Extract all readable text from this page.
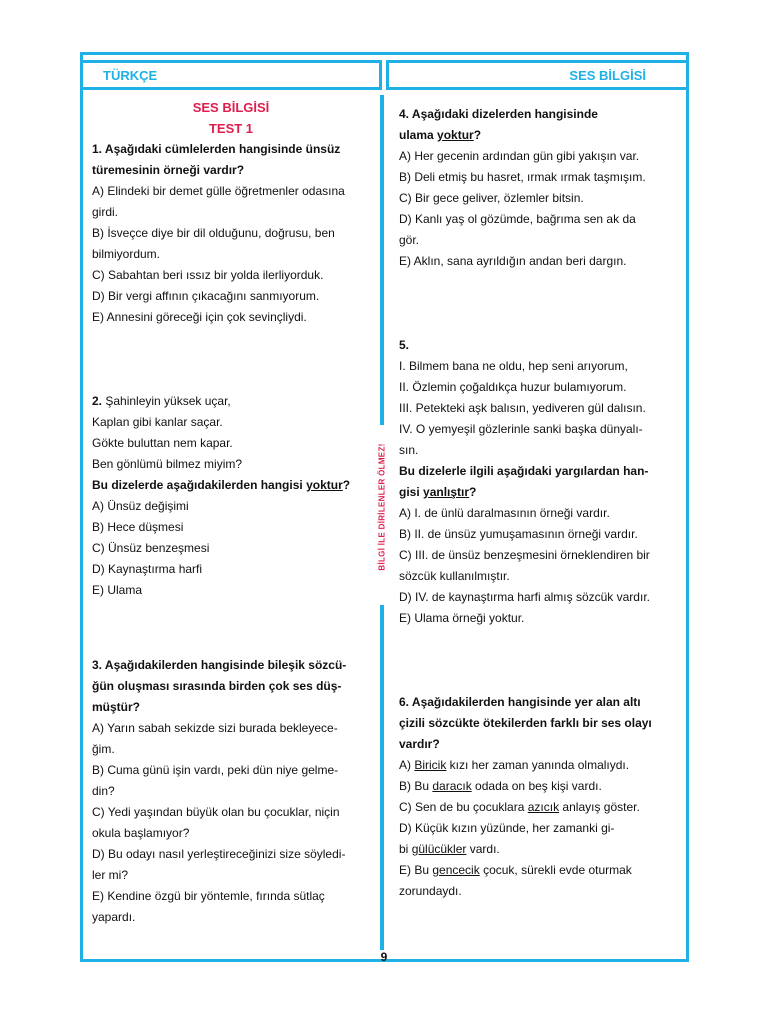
TÜRKÇE	SES BİLGİSİ
BİLGİ İLE DİRİLENLER ÖLMEZ!

SES BİLGİSİ

TEST 1

1. Aşağıdaki cümlelerden hangisinde ünsüz

türemesinin örneği vardır?

A) Elindeki bir demet gülle öğretmenler odasına

girdi.

B) İsveçce diye bir dil olduğunu, doğrusu, ben

bilmiyordum.

C) Sabahtan beri ıssız bir yolda ilerliyorduk.

D) Bir vergi affının çıkacağını sanmıyorum.

E) Annesini göreceği için çok sevinçliydi.

2. Şahinleyin yüksek uçar,

Kaplan gibi kanlar saçar.

Gökte buluttan nem kapar.

Ben gönlümü bilmez miyim?

Bu dizelerde aşağıdakilerden hangisi yoktur?

A) Ünsüz değişimi

B) Hece düşmesi

C) Ünsüz benzeşmesi

D) Kaynaştırma harfi

E) Ulama

3. Aşağıdakilerden hangisinde bileşik sözcü-

ğün oluşması sırasında birden çok ses düş-

müştür?

A) Yarın sabah sekizde sizi burada bekleyece-

ğim.

B) Cuma günü işin vardı, peki dün niye gelme-

din?

C) Yedi yaşından büyük olan bu çocuklar, niçin

okula başlamıyor?

D) Bu odayı nasıl yerleştireceğinizi size söyledi-

ler mi?

E) Kendine özgü bir yöntemle, fırında sütlaç

yapardı.

4. Aşağıdaki dizelerden hangisinde

ulama yoktur?

A) Her gecenin ardından gün gibi yakışın var.

B) Deli etmiş bu hasret, ırmak ırmak taşmışım.

C) Bir gece geliver, özlemler bitsin.

D) Kanlı yaş ol gözümde, bağrıma sen ak da

gör.

E) Aklın, sana ayrıldığın andan beri dargın.

5.

I. Bilmem bana ne oldu, hep seni arıyorum,

II. Özlemin çoğaldıkça huzur bulamıyorum.

III. Petekteki aşk balısın, yediveren gül dalısın.

IV. O yemyeşil gözlerinle sanki başka dünyalı-

sın.

Bu dizelerle ilgili aşağıdaki yargılardan han-

gisi yanlıştır?

A) I. de ünlü daralmasının örneği vardır.

B) II. de ünsüz yumuşamasının örneği vardır.

C) III. de ünsüz benzeşmesini örneklendiren bir

sözcük kullanılmıştır.

D) IV. de kaynaştırma harfi almış sözcük vardır.

E) Ulama örneği yoktur.

6. Aşağıdakilerden hangisinde yer alan altı

çizili sözcükte ötekilerden farklı bir ses olayı

vardır?

A) Biricik kızı her zaman yanında olmalıydı.

B) Bu daracık odada on beş kişi vardı.

C) Sen de bu çocuklara azıcık anlayış göster.

D) Küçük kızın yüzünde, her zamanki gi-

bi gülücükler vardı.

E) Bu gencecik çocuk, sürekli evde oturmak

zorundaydı.

9
